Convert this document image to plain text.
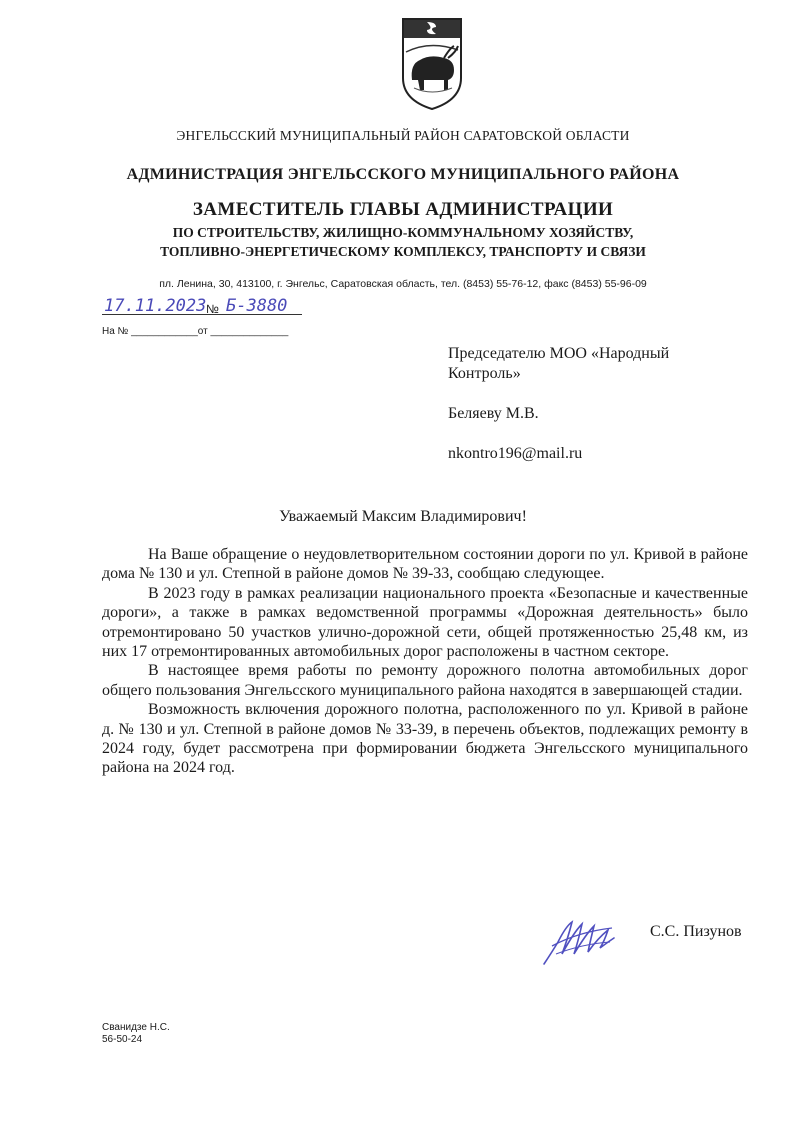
ЭНГЕЛЬССКИЙ МУНИЦИПАЛЬНЫЙ РАЙОН САРАТОВСКОЙ ОБЛАСТИ
АДМИНИСТРАЦИЯ ЭНГЕЛЬССКОГО МУНИЦИПАЛЬНОГО РАЙОНА
ЗАМЕСТИТЕЛЬ ГЛАВЫ АДМИНИСТРАЦИИ
ПО СТРОИТЕЛЬСТВУ, ЖИЛИЩНО-КОММУНАЛЬНОМУ ХОЗЯЙСТВУ,
ТОПЛИВНО-ЭНЕРГЕТИЧЕСКОМУ КОМПЛЕКСУ, ТРАНСПОРТУ И СВЯЗИ
пл. Ленина, 30, 413100, г. Энгельс, Саратовская область, тел. (8453) 55-76-12, факс (8453) 55-96-09
17.11.2023 № Б-3880
На № ____________от ______________
Председателю МОО «Народный
Контроль»
Беляеву М.В.
nkontro196@mail.ru
Уважаемый Максим Владимирович!

На Ваше обращение о неудовлетворительном состоянии дороги по ул. Кривой в районе дома № 130 и ул. Степной в районе домов № 39-33, сообщаю следующее.

В 2023 году в рамках реализации национального проекта «Безопасные и качественные дороги», а также в рамках ведомственной программы «Дорожная деятельность» было отремонтировано 50 участков улично-дорожной сети, общей протяженностью 25,48 км, из них 17 отремонтированных автомобильных дорог расположены в частном секторе.

В настоящее время работы по ремонту дорожного полотна автомобильных дорог общего пользования Энгельсского муниципального района находятся в завершающей стадии.

Возможность включения дорожного полотна, расположенного по ул. Кривой в районе д. № 130 и ул. Степной в районе домов № 33-39, в перечень объектов, подлежащих ремонту в 2024 году, будет рассмотрена при формировании бюджета Энгельсского муниципального района на 2024 год.

С.С. Пизунов
Сванидзе Н.С.
56-50-24
